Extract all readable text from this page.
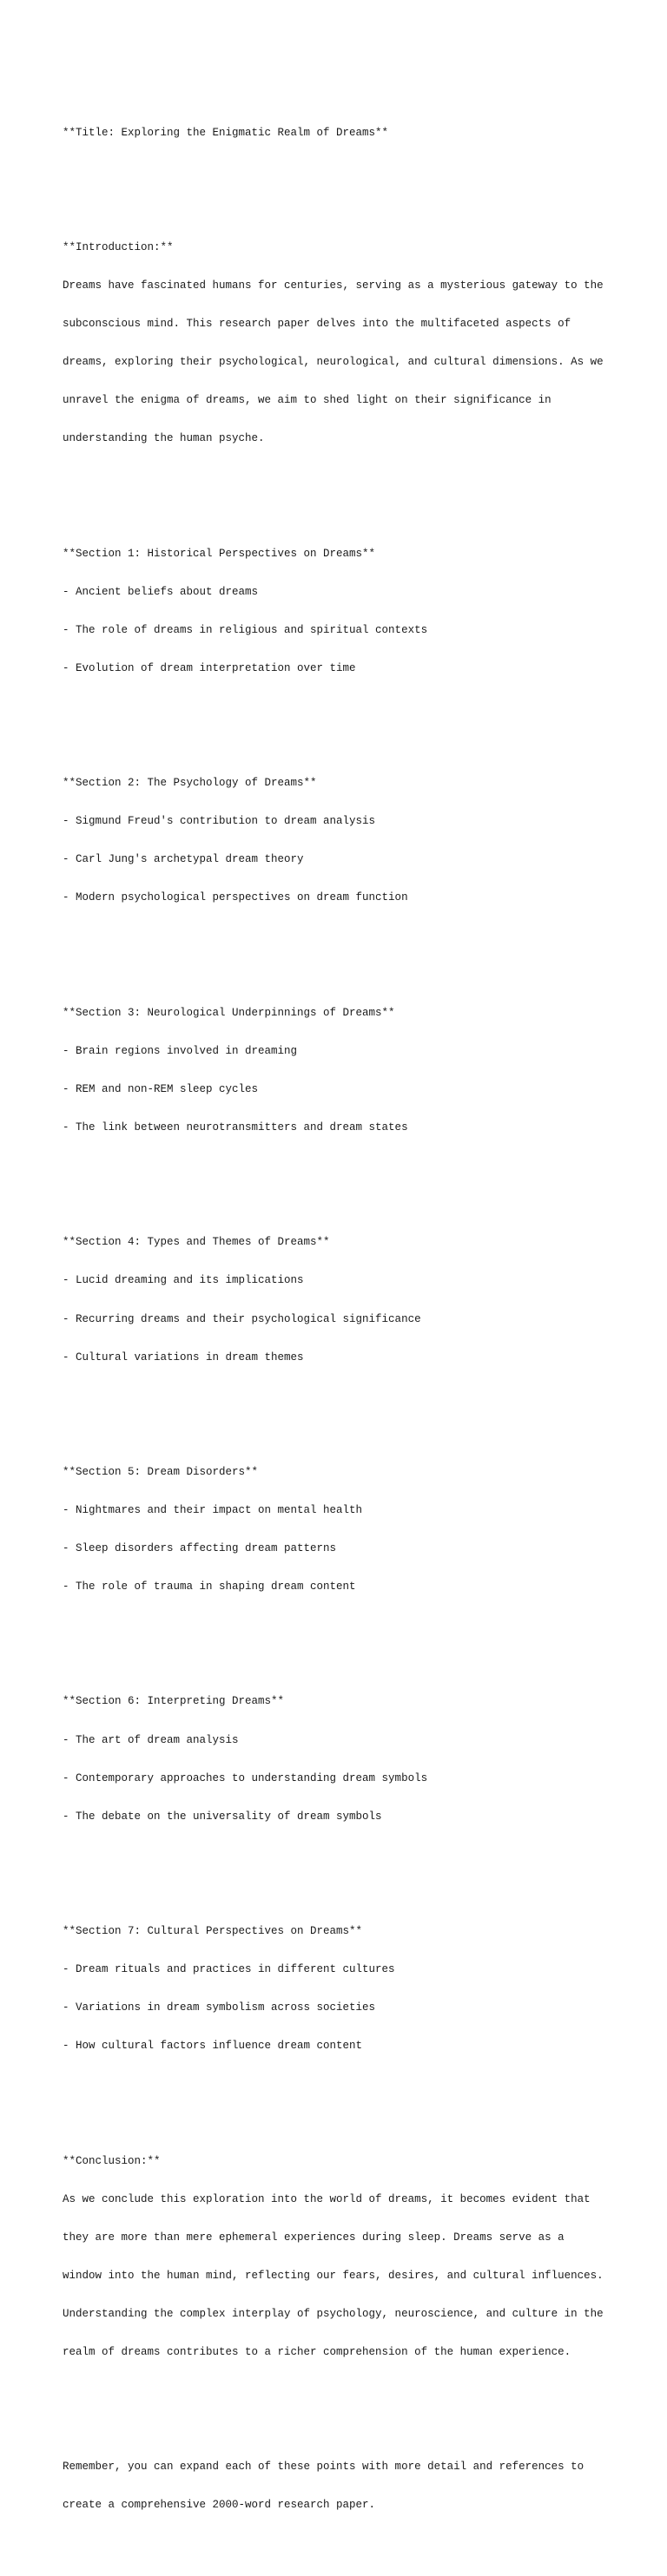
**Title: Exploring the Enigmatic Realm of Dreams**

**Introduction:**

Dreams have fascinated humans for centuries, serving as a mysterious gateway to the

subconscious mind. This research paper delves into the multifaceted aspects of

dreams, exploring their psychological, neurological, and cultural dimensions. As we

unravel the enigma of dreams, we aim to shed light on their significance in

understanding the human psyche.

**Section 1: Historical Perspectives on Dreams**

- Ancient beliefs about dreams

- The role of dreams in religious and spiritual contexts

- Evolution of dream interpretation over time

**Section 2: The Psychology of Dreams**

- Sigmund Freud's contribution to dream analysis

- Carl Jung's archetypal dream theory

- Modern psychological perspectives on dream function

**Section 3: Neurological Underpinnings of Dreams**

- Brain regions involved in dreaming

- REM and non-REM sleep cycles

- The link between neurotransmitters and dream states

**Section 4: Types and Themes of Dreams**

- Lucid dreaming and its implications

- Recurring dreams and their psychological significance

- Cultural variations in dream themes

**Section 5: Dream Disorders**

- Nightmares and their impact on mental health

- Sleep disorders affecting dream patterns

- The role of trauma in shaping dream content

**Section 6: Interpreting Dreams**

- The art of dream analysis

- Contemporary approaches to understanding dream symbols

- The debate on the universality of dream symbols

**Section 7: Cultural Perspectives on Dreams**

- Dream rituals and practices in different cultures

- Variations in dream symbolism across societies

- How cultural factors influence dream content

**Conclusion:**

As we conclude this exploration into the world of dreams, it becomes evident that

they are more than mere ephemeral experiences during sleep. Dreams serve as a

window into the human mind, reflecting our fears, desires, and cultural influences.

Understanding the complex interplay of psychology, neuroscience, and culture in the

realm of dreams contributes to a richer comprehension of the human experience.

Remember, you can expand each of these points with more detail and references to

create a comprehensive 2000-word research paper.
